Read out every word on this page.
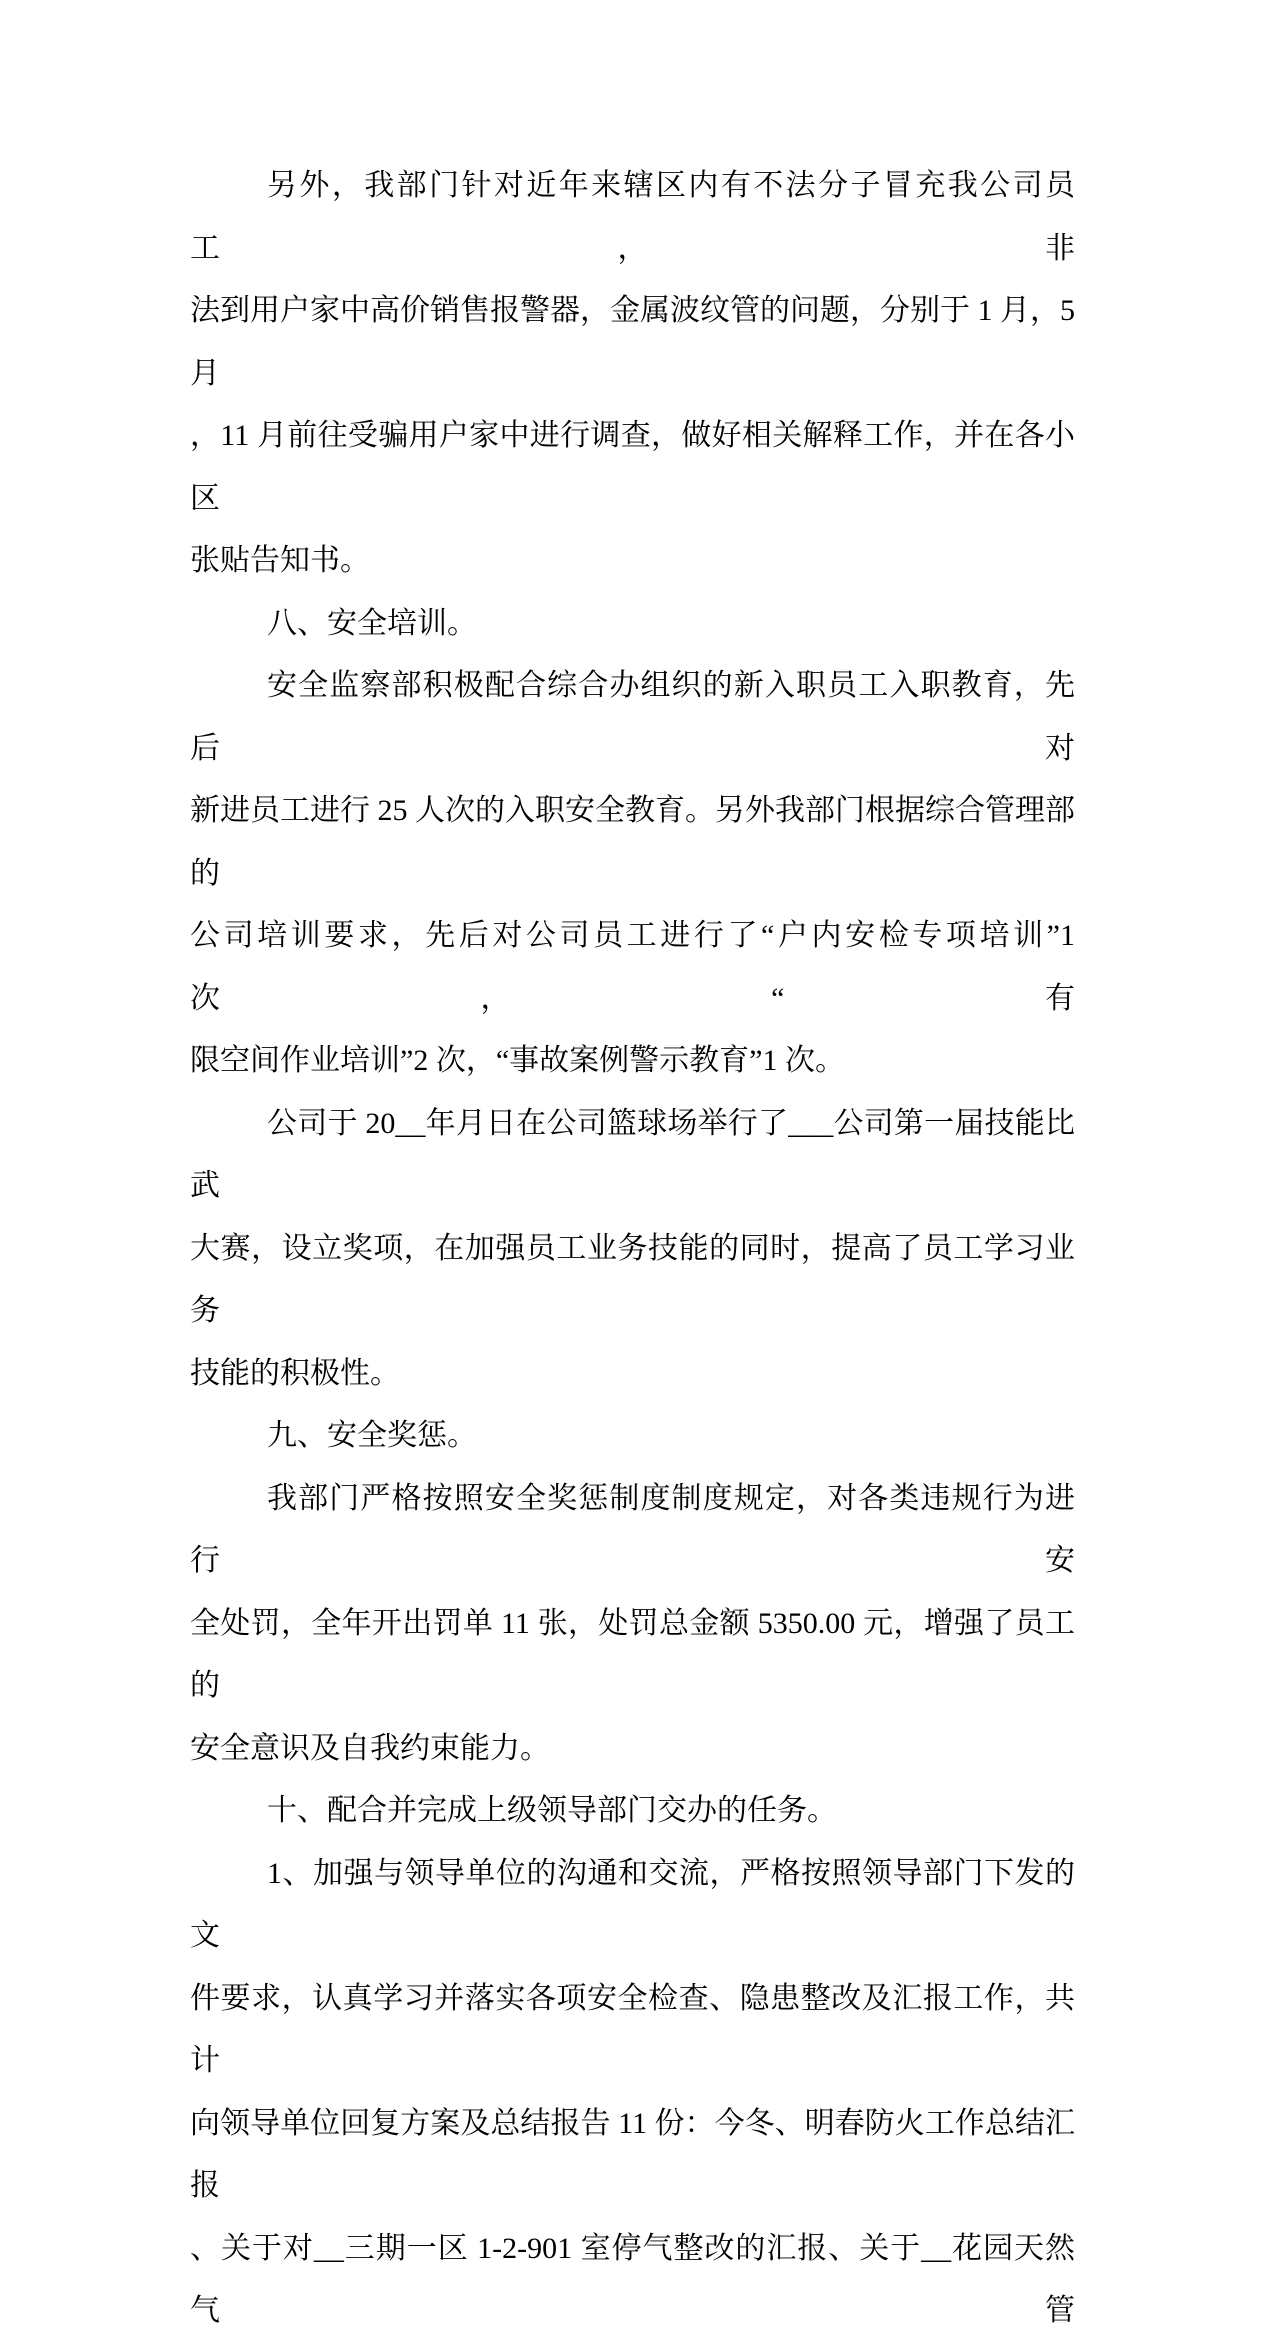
另外，我部门针对近年来辖区内有不法分子冒充我公司员工，非
法到用户家中高价销售报警器，金属波纹管的问题，分别于 1 月，5 月
，11 月前往受骗用户家中进行调查，做好相关解释工作，并在各小区
张贴告知书。
八、安全培训。
安全监察部积极配合综合办组织的新入职员工入职教育，先后对
新进员工进行 25 人次的入职安全教育。另外我部门根据综合管理部的
公司培训要求，先后对公司员工进行了“户内安检专项培训”1 次，“有
限空间作业培训”2 次，“事故案例警示教育”1 次。
公司于 20__年月日在公司篮球场举行了___公司第一届技能比武
大赛，设立奖项，在加强员工业务技能的同时，提高了员工学习业务
技能的积极性。
九、安全奖惩。
我部门严格按照安全奖惩制度制度规定，对各类违规行为进行安
全处罚，全年开出罚单 11 张，处罚总金额 5350.00 元，增强了员工的
安全意识及自我约束能力。
十、配合并完成上级领导部门交办的任务。
1、加强与领导单位的沟通和交流，严格按照领导部门下发的文
件要求，认真学习并落实各项安全检查、隐患整改及汇报工作，共计
向领导单位回复方案及总结报告 11 份：今冬、明春防火工作总结汇报
、关于对__三期一区 1-2-901 室停气整改的汇报、关于__花园天然气管
